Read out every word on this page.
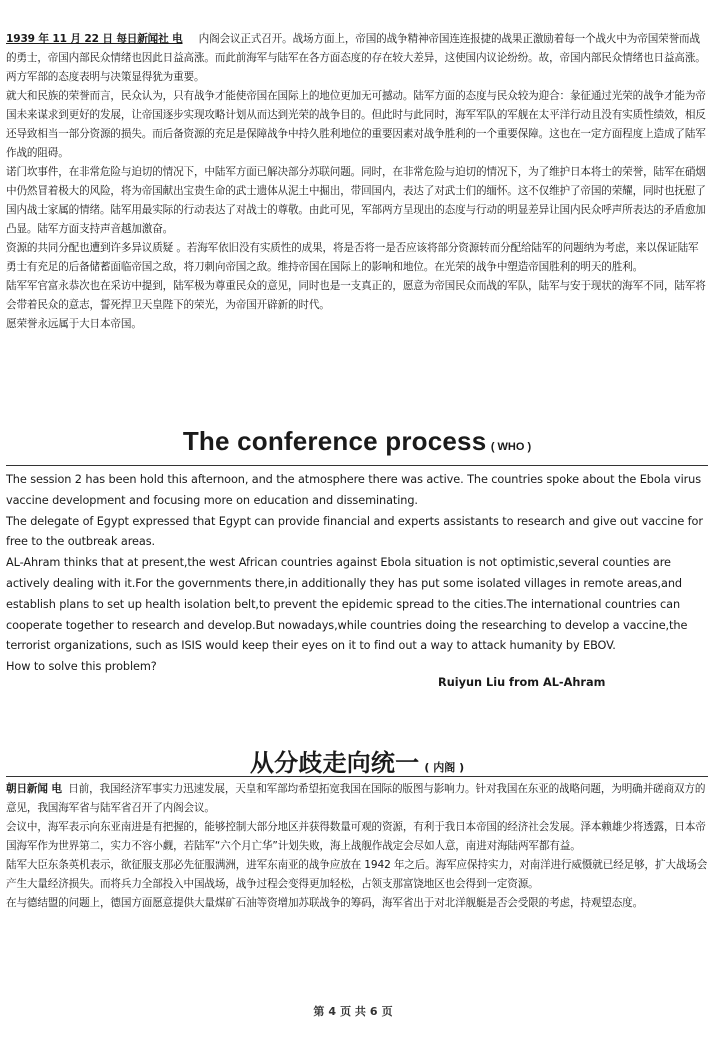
1939 年 11 月 22 日 每日新闻社 电 内阁会议正式召开。战场方面上，帝国的战争精神帝国连连报捷的战果正激励着每一个战火中为帝国荣誉而战的勇士，帝国内部民众情绪也因此日益高涨。而此前海军与陆军在各方面态度的存在较大差异，这使国内议论纷纷。故，帝国内部民众情绪也日益高涨。两方军部的态度表明与决策显得犹为重要。

就大和民族的荣誉而言，民众认为，只有战争才能使帝国在国际上的地位更加无可撼动。陆军方面的态度与民众较为迎合：彖征通过光荣的战争才能为帝国未来谋求到更好的发展，让帝国逐步实现攻略计划从而达到光荣的战争目的。但此时与此同时，海军军队的军舰在太平洋行动且没有实质性绩效，相反还导致相当一部分资源的损失。而后备资源的充足是保障战争中持久胜利地位的重要因素对战争胜利的一个重要保障。这也在一定方面程度上造成了陆军作战的阻碍。

诺门坎事件，在非常危险与迫切的情况下，中陆军方面已解决部分苏联问题。同时，在非常危险与迫切的情况下，为了维护日本将士的荣誉，陆军在硝烟中仍然冒着极大的风险，将为帝国献出宝贵生命的武士遗体从泥土中掘出，带回国内，表达了对武士们的缅怀。这不仅维护了帝国的荣耀，同时也抚慰了国内战士家属的情绪。陆军用最实际的行动表达了对战士的尊敬。由此可见，军部两方呈现出的态度与行动的明显差异让国内民众呼声所表达的矛盾愈加凸显。陆军方面支持声音越加激奋。

资源的共同分配也遭到许多异议质疑 。若海军依旧没有实质性的成果，将是否将一是否应该将部分资源转而分配给陆军的问题纳为考虑，来以保证陆军勇士有充足的后备储蓄面临帝国之敌，将刀刺向帝国之敌。维持帝国在国际上的影响和地位。在光荣的战争中塑造帝国胜利的明天的胜利。

陆军军官富永恭次也在采访中提到，陆军极为尊重民众的意见，同时也是一支真正的，愿意为帝国民众而战的军队，陆军与安于现状的海军不同，陆军将会带着民众的意志，誓死捍卫天皇陛下的荣光，为帝国开辟新的时代。

愿荣誉永远属于大日本帝国。

The conference process ( WHO )

The session 2 has been hold this afternoon, and the atmosphere there was active. The countries spoke about the Ebola virus vaccine development and focusing more on education and disseminating.

The delegate of Egypt expressed that Egypt can provide financial and experts assistants to research and give out vaccine for free to the outbreak areas.

AL-Ahram thinks that at present,the west African countries against Ebola situation is not optimistic,several counties are actively dealing with it.For the governments there,in additionally they has put some isolated villages in remote areas,and establish plans to set up health isolation belt,to prevent the epidemic spread to the cities.The international countries can cooperate together to research and develop.But nowadays,while countries doing the researching to develop a vaccine,the terrorist organizations, such as ISIS would keep their eyes on it to find out a way to attack humanity by EBOV.

How to solve this problem?

Ruiyun Liu from AL-Ahram
从分歧走向统一 ( 内阁 )

朝日新闻 电 日前，我国经济军事实力迅速发展，天皇和军部均希望拓宽我国在国际的版图与影响力。针对我国在东亚的战略问题，为明确并磋商双方的意见，我国海军省与陆军省召开了内阁会议。

会议中，海军表示向东亚南进是有把握的，能够控制大部分地区并获得数量可观的资源，有利于我日本帝国的经济社会发展。泽本赖雄少将透露，日本帝国海军作为世界第二，实力不容小觑，若陆军“六个月亡华”计划失败，海上战舰作战定会尽如人意，南进对海陆两军都有益。

陆军大臣东条英机表示，欲征服支那必先征服满洲，进军东南亚的战争应放在 1942 年之后。海军应保持实力，对南洋进行威慑就已经足够，扩大战场会产生大量经济损失。而将兵力全部投入中国战场，战争过程会变得更加轻松，占领支那富饶地区也会得到一定资源。

在与德结盟的问题上，德国方面愿意提供大量煤矿石油等资增加苏联战争的筹码，海军省出于对北洋舰艇是否会受限的考虑，持观望态度。

第 4 页 共 6 页
